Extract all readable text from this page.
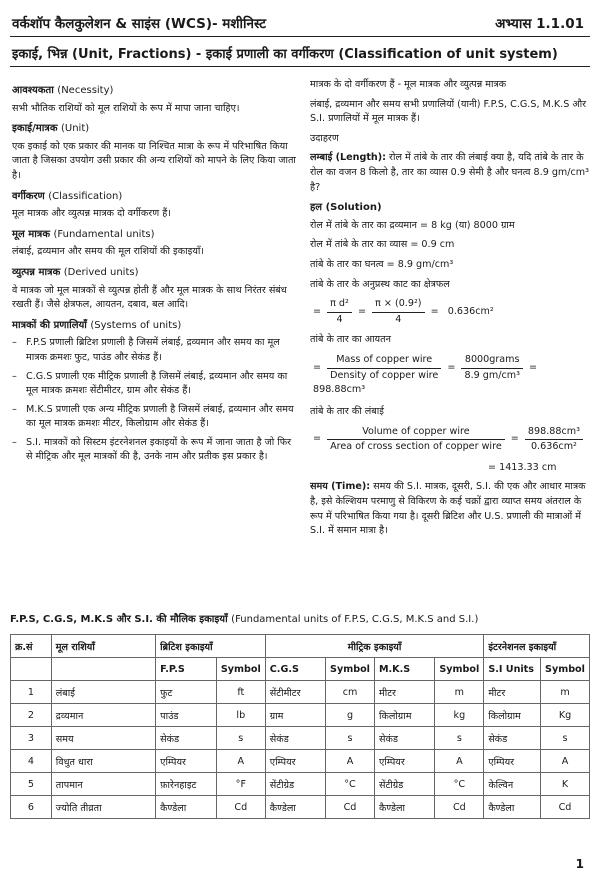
वर्कशॉप कैलकुलेशन & साइंस (WCS)- मशीनिस्ट	अभ्यास 1.1.01
इकाई, भिन्न (Unit, Fractions) - इकाई प्रणाली का वर्गीकरण (Classification of unit system)
आवश्यकता (Necessity)
सभी भौतिक राशियों को मूल राशियों के रूप में मापा जाना चाहिए।
इकाई/मात्रक (Unit)
एक इकाई को एक प्रकार की मानक या निश्चित मात्रा के रूप में परिभाषित किया जाता है जिसका उपयोग उसी प्रकार की अन्य राशियों को मापने के लिए किया जाता है।
वर्गीकरण (Classification)
मूल मात्रक और व्युत्पन्न मात्रक दो वर्गीकरण हैं।
मूल मात्रक (Fundamental units)
लंबाई, द्रव्यमान और समय की मूल राशियों की इकाइयाँ।
व्युत्पन्न मात्रक (Derived units)
वे मात्रक जो मूल मात्रकों से व्युत्पन्न होती हैं और मूल मात्रक के साथ निरंतर संबंध रखती हैं। जैसे क्षेत्रफल, आयतन, दबाव, बल आदि।
मात्रकों की प्रणालियाँ (Systems of units)
– F.P.S प्रणाली ब्रिटिश प्रणाली है जिसमें लंबाई, द्रव्यमान और समय का मूल मात्रक क्रमशः फुट, पाउंड और सेकंड हैं।
– C.G.S प्रणाली एक मीट्रिक प्रणाली है जिसमें लंबाई, द्रव्यमान और समय का मूल मात्रक क्रमशः सेंटीमीटर, ग्राम और सेकंड हैं।
– M.K.S प्रणाली एक अन्य मीट्रिक प्रणाली है जिसमें लंबाई, द्रव्यमान और समय का मूल मात्रक क्रमशः मीटर, किलोग्राम और सेकंड हैं।
– S.I. मात्रकों को सिस्टम इंटरनेशनल इकाइयों के रूप में जाना जाता है जो फिर से मीट्रिक और मूल मात्रकों की है, उनके नाम और प्रतीक इस प्रकार है।
मात्रक के दो वर्गीकरण हैं - मूल मात्रक और व्युत्पन्न मात्रक
लंबाई, द्रव्यमान और समय सभी प्रणालियों (यानी) F.P.S, C.G.S, M.K.S और S.I. प्रणालियों में मूल मात्रक हैं।
उदाहरण
लम्बाई (Length): रोल में तांबे के तार की लंबाई क्या है, यदि तांबे के तार के रोल का वजन 8 किलो है, तार का व्यास 0.9 सेमी है और घनत्व 8.9 gm/cm³ है?
हल (Solution)
रोल में तांबे के तार का द्रव्यमान = 8 kg (या) 8000 ग्राम
रोल में तांबे के तार का व्यास = 0.9 cm
तांबे के तार का घनत्व = 8.9 gm/cm³
तांबे के तार के अनुप्रस्थ काट का क्षेत्रफल
= $\frac{\text{π d²}}{4} = \frac{\text{π × (0.9²)}}{4} = 0.636cm^2$
तांबे के तार का आयतन
= $\frac{\text{Mass of copper wire}}{\text{Density of copper wire}} = \frac{\text{8000grams}}{\text{8.9 gm/cm³}} = 898.88cm^3$
तांबे के तार की लंबाई
= $\frac{\text{Volume of copper wire}}{\text{Area of cross section of copper wire}} = \frac{\text{898.88cm³}}{\text{0.636cm²}}$
= 1413.33 cm
समय (Time): समय की S.I. मात्रक, दूसरी, S.I. की एक और आधार मात्रक है, इसे केल्शियम परमाणु से विकिरण के कई चक्रों द्वारा व्याप्त समय अंतराल के रूप में परिभाषित किया गया है। दूसरी ब्रिटिश और U.S. प्रणाली की मात्राओं में S.I. में समान मात्रा है।
F.P.S, C.G.S, M.K.S और S.I. की मौलिक इकाइयाँ (Fundamental units of F.P.S, C.G.S, M.K.S and S.I.)
क्र.सं	मूल राशियाँ	ब्रिटिश इकाइयाँ		मीट्रिक इकाइयाँ				इंटरनेशनल इकाइयाँ	
		F.P.S	Symbol	C.G.S	Symbol	M.K.S	Symbol	S.I Units	Symbol
1	लंबाई	फुट	ft	सेंटीमीटर	cm	मीटर	m	मीटर	m
2	द्रव्यमान	पाउंड	lb	ग्राम	g	किलोग्राम	kg	किलोग्राम	Kg
3	समय	सेकंड	s	सेकंड	s	सेकंड	s	सेकंड	s
4	विधुत धारा	एम्पियर	A	एम्पियर	A	एम्पियर	A	एम्पियर	A
5	तापमान	फ़ारेनहाइट	°F	सेंटीग्रेड	°C	सेंटीग्रेड	°C	केल्विन	K
6	ज्योति तीव्रता	कैण्डेला	Cd	कैण्डेला	Cd	कैण्डेला	Cd	कैण्डेला	Cd
1
